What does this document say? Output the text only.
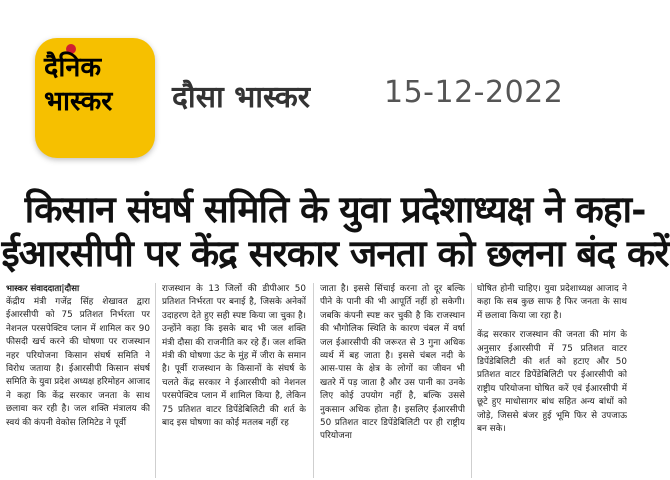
दैनिक
भास्कर	दौसा भास्कर 15-12-2022
किसान संघर्ष समिति के युवा प्रदेशाध्यक्ष ने कहा-
ईआरसीपी पर केंद्र सरकार जनता को छलना बंद करें
भास्कर संवाददाता|दौसा

केंद्रीय मंत्री गजेंद्र सिंह शेखावत द्वारा ईआरसीपी को 75 प्रतिशत निर्भरता पर नेशनल परसपेक्टिव प्लान में शामिल कर 90 फीसदी खर्च करने की घोषणा पर राजस्थान नहर परियोजना किसान संघर्ष समिति ने विरोध जताया है। ईआरसीपी किसान संघर्ष समिति के युवा प्रदेश अध्यक्ष हरिमोहन आजाद ने कहा कि केंद्र सरकार जनता के साथ छलावा कर रही है। जल शक्ति मंत्रालय की स्वयं की कंपनी वेकोस लिमिटेड ने पूर्वी

राजस्थान के 13 जिलों की डीपीआर 50 प्रतिशत निर्भरता पर बनाई है, जिसके अनेकों उदाहरण देते हुए सही स्पष्ट किया जा चुका है। उन्होंने कहा कि इसके बाद भी जल शक्ति मंत्री दौसा की राजनीति कर रहे हैं। जल शक्ति मंत्री की घोषणा ऊंट के मुंह में जीरा के समान है। पूर्वी राजस्थान के किसानों के संघर्ष के चलते केंद्र सरकार ने ईआरसीपी को नेशनल परसपेक्टिव प्लान में शामिल किया है, लेकिन 75 प्रतिशत वाटर डिपेंडेबिलिटी की शर्त के बाद इस घोषणा का कोई मतलब नहीं रह

जाता है। इससे सिंचाई करना तो दूर बल्कि पीने के पानी की भी आपूर्ति नहीं हो सकेगी। जबकि कंपनी स्पष्ट कर चुकी है कि राजस्थान की भौगोलिक स्थिति के कारण चंबल में वर्षा जल ईआरसीपी की जरूरत से 3 गुना अधिक व्यर्थ में बह जाता है। इससे चंबल नदी के आस-पास के क्षेत्र के लोगों का जीवन भी खतरे में पड़ जाता है और उस पानी का उनके लिए कोई उपयोग नहीं है, बल्कि उससे नुकसान अधिक होता है। इसलिए ईआरसीपी 50 प्रतिशत वाटर डिपेंडेबिलिटी पर ही राष्ट्रीय परियोजना

घोषित होनी चाहिए। युवा प्रदेशाध्यक्ष आजाद ने कहा कि सब कुछ साफ है फिर जनता के साथ में छलावा किया जा रहा है।

केंद्र सरकार राजस्थान की जनता की मांग के अनुसार ईआरसीपी में 75 प्रतिशत वाटर डिपेंडेबिलिटी की शर्त को हटाए और 50 प्रतिशत वाटर डिपेंडेबिलिटी पर ईआरसीपी को राष्ट्रीय परियोजना घोषित करें एवं ईआरसीपी में छूटे हुए माधोसागर बांध सहित अन्य बांधों को जोड़े, जिससे बंजर हुई भूमि फिर से उपजाऊ बन सके।
